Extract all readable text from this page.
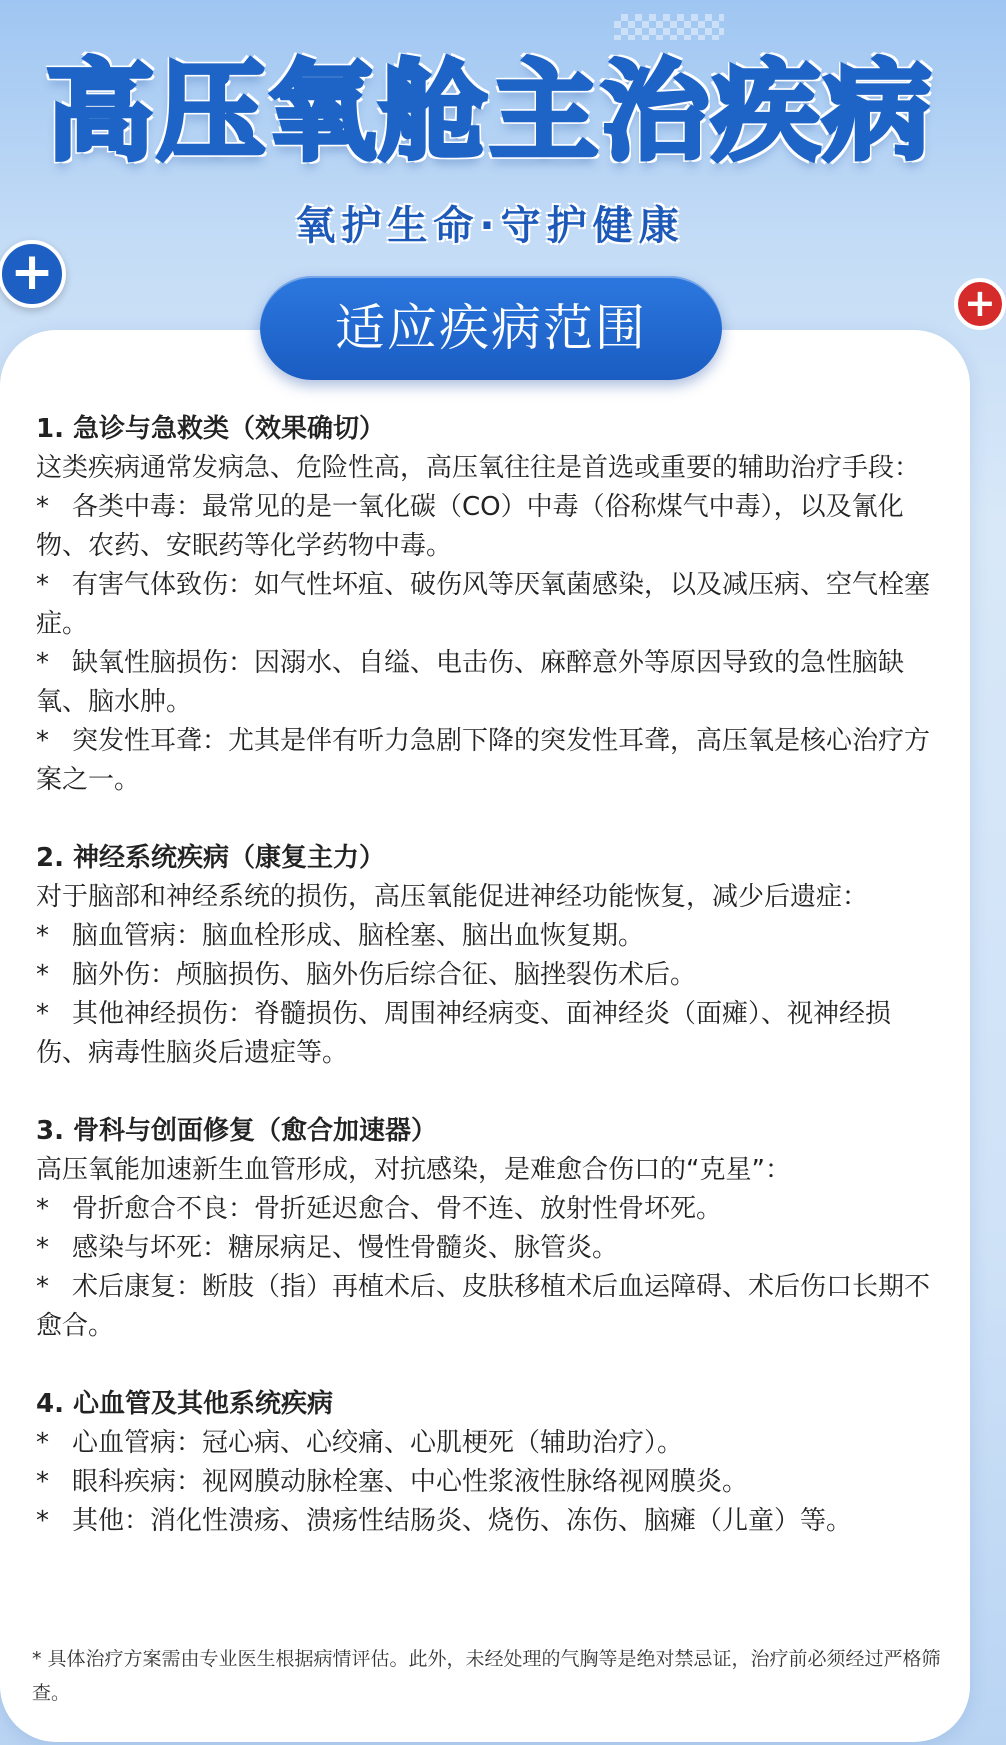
高压氧舱主治疾病
氧护生命·守护健康
+
+
适应疾病范围
1. 急诊与急救类（效果确切）
这类疾病通常发病急、危险性高，高压氧往往是首选或重要的辅助治疗手段：
* 各类中毒：最常见的是一氧化碳（CO）中毒（俗称煤气中毒），以及氰化物、农药、安眠药等化学药物中毒。
* 有害气体致伤：如气性坏疽、破伤风等厌氧菌感染，以及减压病、空气栓塞症。
* 缺氧性脑损伤：因溺水、自缢、电击伤、麻醉意外等原因导致的急性脑缺氧、脑水肿。
* 突发性耳聋：尤其是伴有听力急剧下降的突发性耳聋，高压氧是核心治疗方案之一。
2. 神经系统疾病（康复主力）
对于脑部和神经系统的损伤，高压氧能促进神经功能恢复，减少后遗症：
* 脑血管病：脑血栓形成、脑栓塞、脑出血恢复期。
* 脑外伤：颅脑损伤、脑外伤后综合征、脑挫裂伤术后。
* 其他神经损伤：脊髓损伤、周围神经病变、面神经炎（面瘫）、视神经损伤、病毒性脑炎后遗症等。
3. 骨科与创面修复（愈合加速器）
高压氧能加速新生血管形成，对抗感染，是难愈合伤口的“克星”：
* 骨折愈合不良：骨折延迟愈合、骨不连、放射性骨坏死。
* 感染与坏死：糖尿病足、慢性骨髓炎、脉管炎。
* 术后康复：断肢（指）再植术后、皮肤移植术后血运障碍、术后伤口长期不愈合。
4. 心血管及其他系统疾病
* 心血管病：冠心病、心绞痛、心肌梗死（辅助治疗）。
* 眼科疾病：视网膜动脉栓塞、中心性浆液性脉络视网膜炎。
* 其他：消化性溃疡、溃疡性结肠炎、烧伤、冻伤、脑瘫（儿童）等。
* 具体治疗方案需由专业医生根据病情评估。此外，未经处理的气胸等是绝对禁忌证，治疗前必须经过严格筛查。
